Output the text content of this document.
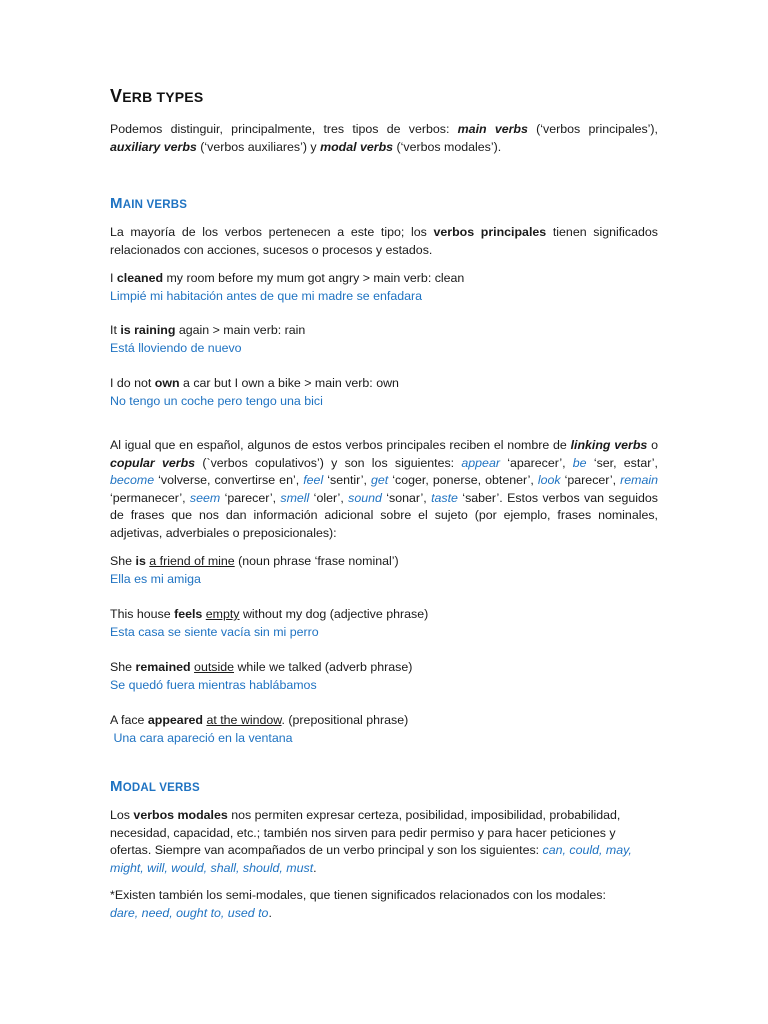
VERB TYPES

Podemos distinguir, principalmente, tres tipos de verbos: main verbs (‘verbos principales’), auxiliary verbs (‘verbos auxiliares’) y modal verbs (‘verbos modales’).

MAIN VERBS

La mayoría de los verbos pertenecen a este tipo; los verbos principales tienen significados relacionados con acciones, sucesos o procesos y estados.

I cleaned my room before my mum got angry > main verb: clean
Limpié mi habitación antes de que mi madre se enfadara
It is raining again > main verb: rain
Está lloviendo de nuevo
I do not own a car but I own a bike > main verb: own
No tengo un coche pero tengo una bici

Al igual que en español, algunos de estos verbos principales reciben el nombre de linking verbs o copular verbs (`verbos copulativos’) y son los siguientes: appear ‘aparecer’, be ‘ser, estar’, become ‘volverse, convertirse en’, feel ‘sentir’, get ‘coger, ponerse, obtener’, look ‘parecer’, remain ‘permanecer’, seem ‘parecer’, smell ‘oler’, sound ‘sonar’, taste ‘saber’. Estos verbos van seguidos de frases que nos dan información adicional sobre el sujeto (por ejemplo, frases nominales, adjetivas, adverbiales o preposicionales):

She is a friend of mine (noun phrase ‘frase nominal’)
Ella es mi amiga
This house feels empty without my dog (adjective phrase)
Esta casa se siente vacía sin mi perro
She remained outside while we talked (adverb phrase)
Se quedó fuera mientras hablábamos
A face appeared at the window. (prepositional phrase)
Una cara apareció en la ventana
MODAL VERBS

Los verbos modales nos permiten expresar certeza, posibilidad, imposibilidad, probabilidad, necesidad, capacidad, etc.; también nos sirven para pedir permiso y para hacer peticiones y ofertas. Siempre van acompañados de un verbo principal y son los siguientes: can, could, may, might, will, would, shall, should, must.

*Existen también los semi-modales, que tienen significados relacionados con los modales:
dare, need, ought to, used to.
